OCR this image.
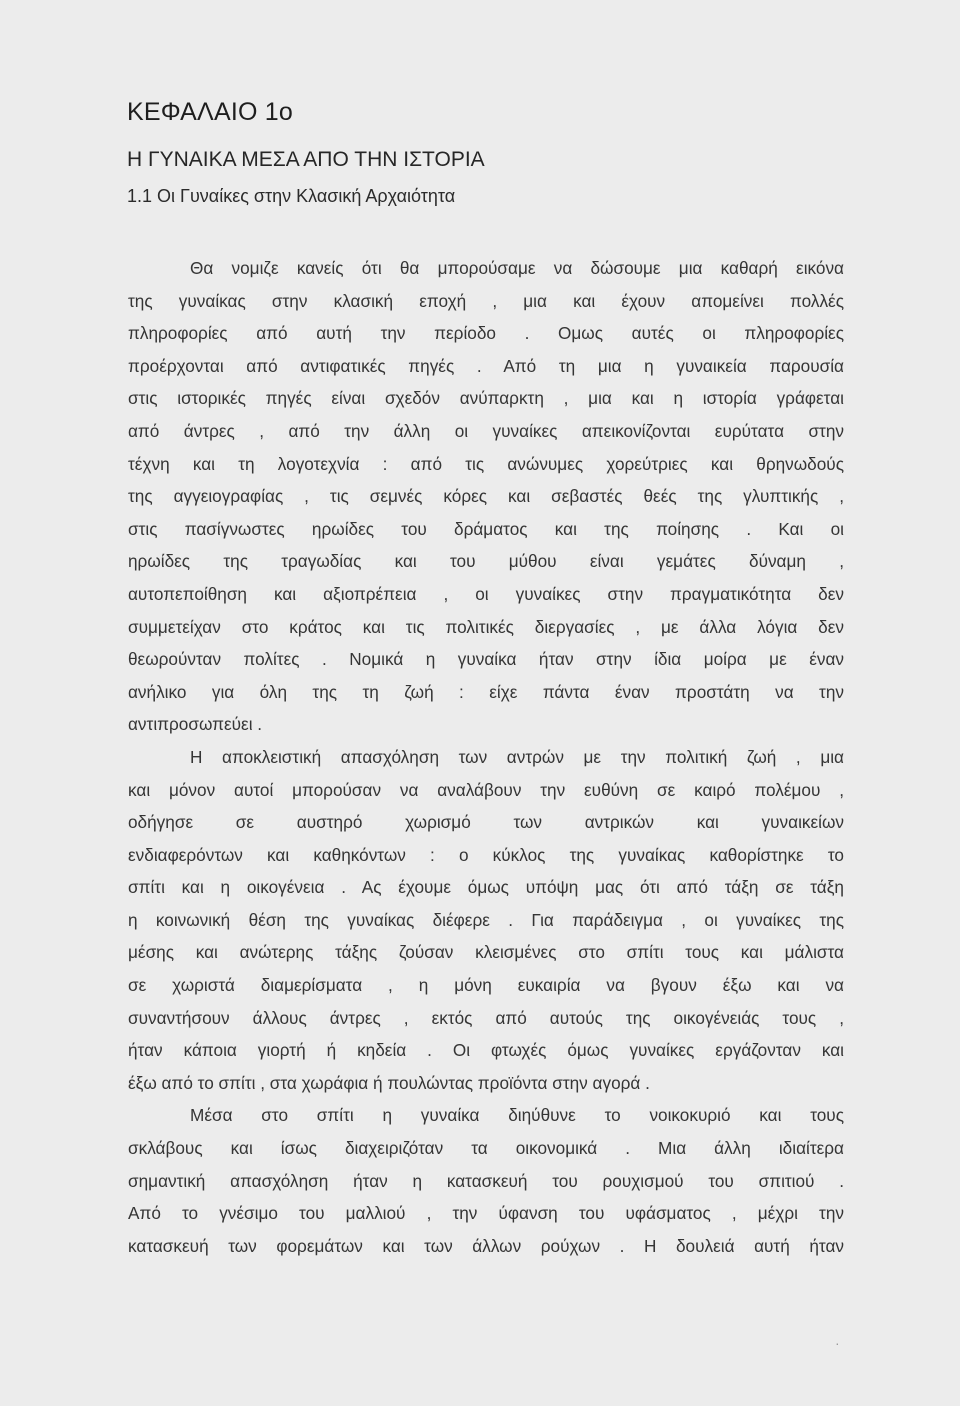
ΚΕΦΑΛΑΙΟ 1ο
Η ΓΥΝΑΙΚΑ ΜΕΣΑ ΑΠΟ ΤΗΝ ΙΣΤΟΡΙΑ
1.1 Οι Γυναίκες στην Κλασική Αρχαιότητα
Θα νομιζε κανείς ότι θα μπορούσαμε να δώσουμε μια καθαρή εικόνα
της γυναίκας στην κλασική εποχή , μια και έχουν απομείνει πολλές
πληροφορίες από αυτή την περίοδο . Ομως αυτές οι πληροφορίες
προέρχονται από αντιφατικές πηγές . Από τη μια η γυναικεία παρουσία
στις ιστορικές πηγές είναι σχεδόν ανύπαρκτη , μια και η ιστορία γράφεται
από άντρες , από την άλλη οι γυναίκες απεικονίζονται ευρύτατα στην
τέχνη και τη λογοτεχνία : από τις ανώνυμες χορεύτριες και θρηνωδούς
της αγγειογραφίας , τις σεμνές κόρες και σεβαστές θεές της γλυπτικής ,
στις πασίγνωστες ηρωίδες του δράματος και της ποίησης . Και οι
ηρωίδες της τραγωδίας και του μύθου είναι γεμάτες δύναμη ,
αυτοπεποίθηση και αξιοπρέπεια , οι γυναίκες στην πραγματικότητα δεν
συμμετείχαν στο κράτος και τις πολιτικές διεργασίες , με άλλα λόγια δεν
θεωρούνταν πολίτες . Νομικά η γυναίκα ήταν στην ίδια μοίρα με έναν
ανήλικο για όλη της τη ζωή : είχε πάντα έναν προστάτη να την
αντιπροσωπεύει .
Η αποκλειστική απασχόληση των αντρών με την πολιτική ζωή , μια
και μόνον αυτοί μπορούσαν να αναλάβουν την ευθύνη σε καιρό πολέμου ,
οδήγησε σε αυστηρό χωρισμό των αντρικών και γυναικείων
ενδιαφερόντων και καθηκόντων : ο κύκλος της γυναίκας καθορίστηκε το
σπίτι και η οικογένεια . Ας έχουμε όμως υπόψη μας ότι από τάξη σε τάξη
η κοινωνική θέση της γυναίκας διέφερε . Για παράδειγμα , οι γυναίκες της
μέσης και ανώτερης τάξης ζούσαν κλεισμένες στο σπίτι τους και μάλιστα
σε χωριστά διαμερίσματα , η μόνη ευκαιρία να βγουν έξω και να
συναντήσουν άλλους άντρες , εκτός από αυτούς της οικογένειάς τους ,
ήταν κάποια γιορτή ή κηδεία . Οι φτωχές όμως γυναίκες εργάζονταν και
έξω από το σπίτι , στα χωράφια ή πουλώντας προϊόντα στην αγορά .
Μέσα στο σπίτι η γυναίκα διηύθυνε το νοικοκυριό και τους
σκλάβους και ίσως διαχειριζόταν τα οικονομικά . Μια άλλη ιδιαίτερα
σημαντική απασχόληση ήταν η κατασκευή του ρουχισμού του σπιτιού .
Από το γνέσιμο του μαλλιού , την ύφανση του υφάσματος , μέχρι την
κατασκευή των φορεμάτων και των άλλων ρούχων . Η δουλειά αυτή ήταν
·
